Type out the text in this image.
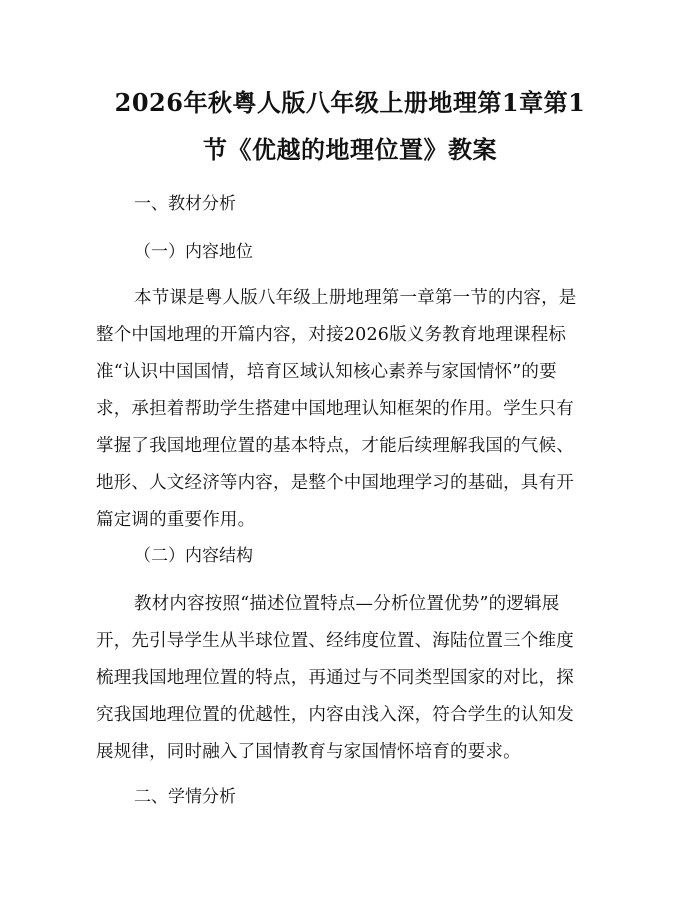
2026年秋粤人版八年级上册地理第1章第1
节《优越的地理位置》教案
一、教材分析
（一）内容地位
本节课是粤人版八年级上册地理第一章第一节的内容，是
整个中国地理的开篇内容，对接2026版义务教育地理课程标
准“认识中国国情，培育区域认知核心素养与家国情怀”的要
求，承担着帮助学生搭建中国地理认知框架的作用。学生只有
掌握了我国地理位置的基本特点，才能后续理解我国的气候、
地形、人文经济等内容，是整个中国地理学习的基础，具有开
篇定调的重要作用。
（二）内容结构
教材内容按照“描述位置特点—分析位置优势”的逻辑展
开，先引导学生从半球位置、经纬度位置、海陆位置三个维度
梳理我国地理位置的特点，再通过与不同类型国家的对比，探
究我国地理位置的优越性，内容由浅入深，符合学生的认知发
展规律，同时融入了国情教育与家国情怀培育的要求。
二、学情分析
